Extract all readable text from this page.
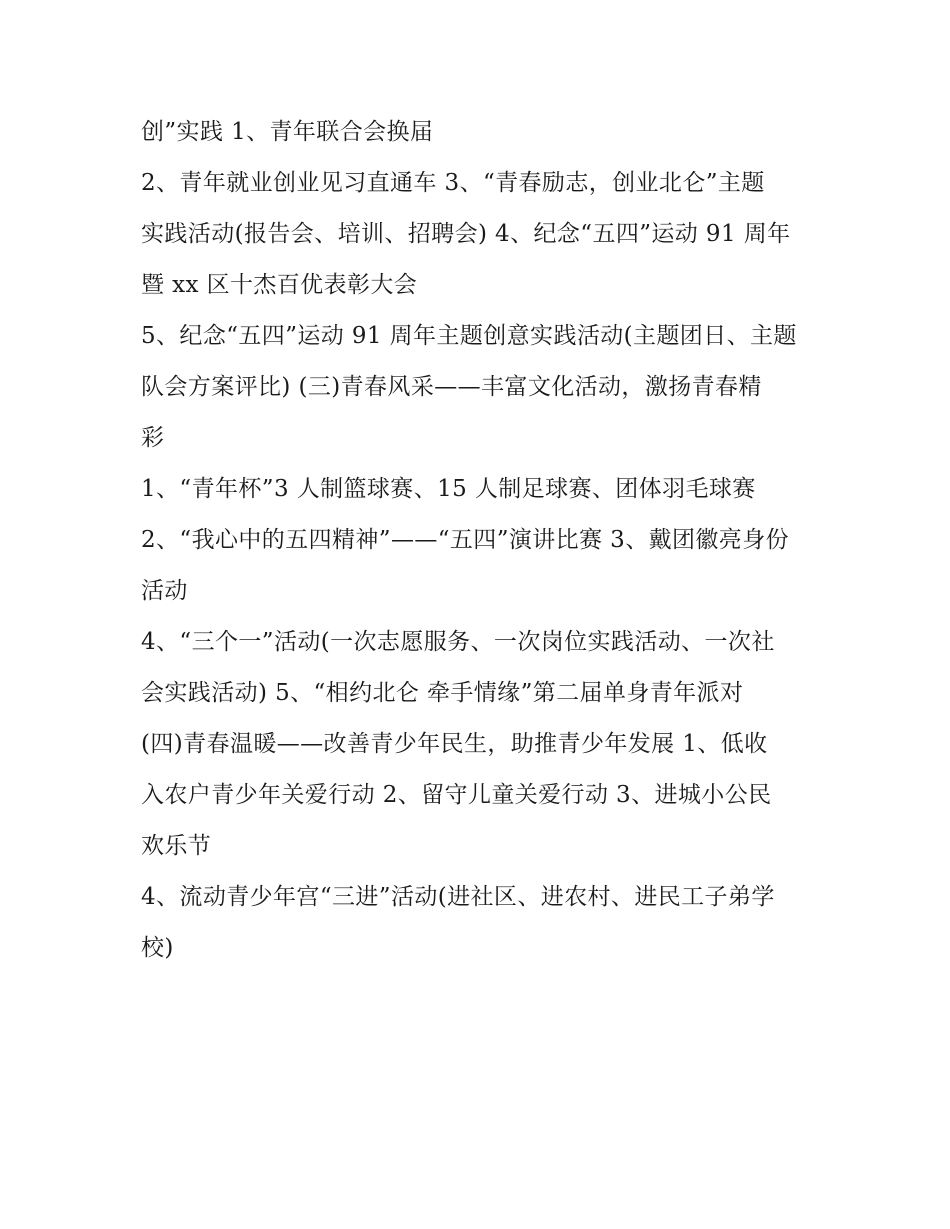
创”实践 1、青年联合会换届
2、青年就业创业见习直通车 3、“青春励志，创业北仑”主题
实践活动(报告会、培训、招聘会) 4、纪念“五四”运动 91 周年
暨 xx 区十杰百优表彰大会
5、纪念“五四”运动 91 周年主题创意实践活动(主题团日、主题
队会方案评比) (三)青春风采——丰富文化活动，激扬青春精
彩
1、“青年杯”3 人制篮球赛、15 人制足球赛、团体羽毛球赛
2、“我心中的五四精神”——“五四”演讲比赛 3、戴团徽亮身份
活动
4、“三个一”活动(一次志愿服务、一次岗位实践活动、一次社
会实践活动) 5、“相约北仑 牵手情缘”第二届单身青年派对
(四)青春温暖——改善青少年民生，助推青少年发展 1、低收
入农户青少年关爱行动 2、留守儿童关爱行动 3、进城小公民
欢乐节
4、流动青少年宫“三进”活动(进社区、进农村、进民工子弟学
校)
